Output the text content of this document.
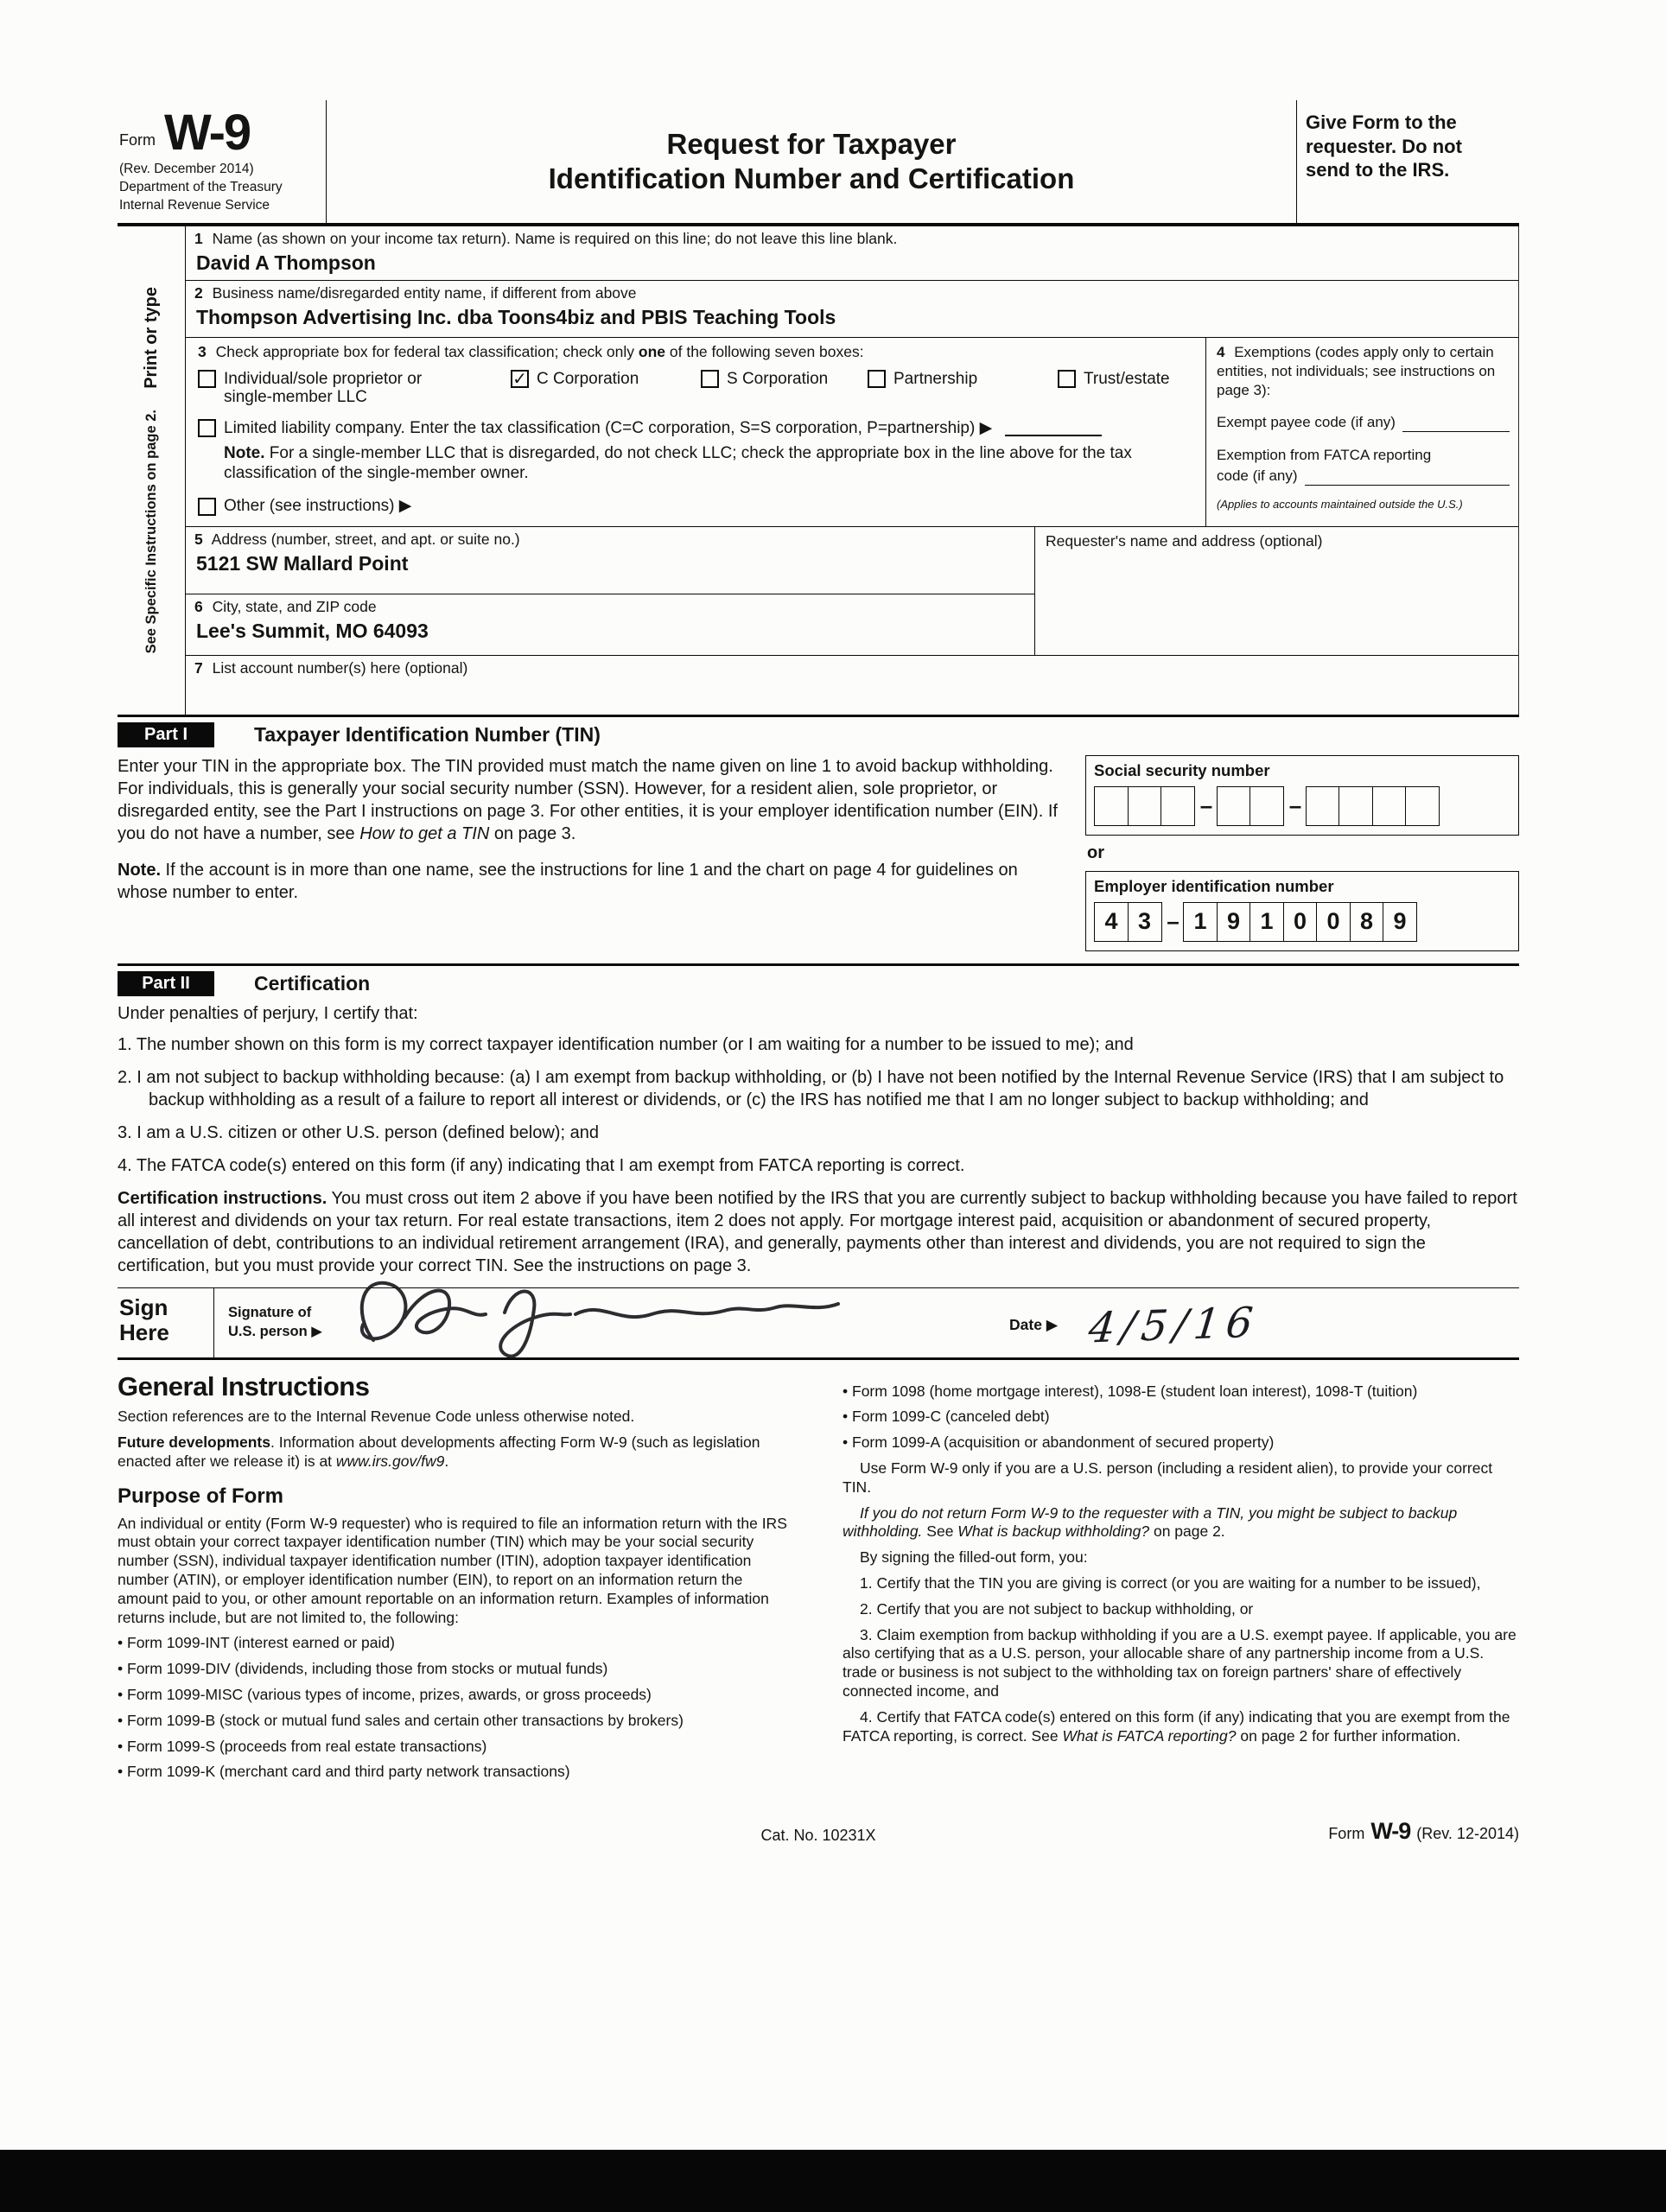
Form W-9
(Rev. December 2014)
Department of the Treasury
Internal Revenue Service
Request for Taxpayer
Identification Number and Certification
Give Form to the requester. Do not send to the IRS.
Print or type
See Specific Instructions on page 2.
1 Name (as shown on your income tax return). Name is required on this line; do not leave this line blank.
David A Thompson
2 Business name/disregarded entity name, if different from above
Thompson Advertising Inc. dba Toons4biz and PBIS Teaching Tools
3 Check appropriate box for federal tax classification; check only one of the following seven boxes:
Individual/sole proprietor or single-member LLC
✓ C Corporation	S Corporation	Partnership	Trust/estate
Limited liability company. Enter the tax classification (C=C corporation, S=S corporation, P=partnership) ▶
Note. For a single-member LLC that is disregarded, do not check LLC; check the appropriate box in the line above for the tax classification of the single-member owner.
Other (see instructions) ▶
4 Exemptions (codes apply only to certain entities, not individuals; see instructions on page 3):
Exempt payee code (if any)
Exemption from FATCA reporting
code (if any)
(Applies to accounts maintained outside the U.S.)
5 Address (number, street, and apt. or suite no.)
5121 SW Mallard Point
6 City, state, and ZIP code
Lee's Summit, MO 64093
Requester's name and address (optional)
7 List account number(s) here (optional)
Part I	Taxpayer Identification Number (TIN)
Enter your TIN in the appropriate box. The TIN provided must match the name given on line 1 to avoid backup withholding. For individuals, this is generally your social security number (SSN). However, for a resident alien, sole proprietor, or disregarded entity, see the Part I instructions on page 3. For other entities, it is your employer identification number (EIN). If you do not have a number, see How to get a TIN on page 3.
Note. If the account is in more than one name, see the instructions for line 1 and the chart on page 4 for guidelines on whose number to enter.
Social security number
–	–
or
Employer identification number
4 3 – 1 9 1 0 0 8 9
Part II	Certification
Under penalties of perjury, I certify that:
1. The number shown on this form is my correct taxpayer identification number (or I am waiting for a number to be issued to me); and
2. I am not subject to backup withholding because: (a) I am exempt from backup withholding, or (b) I have not been notified by the Internal Revenue Service (IRS) that I am subject to backup withholding as a result of a failure to report all interest or dividends, or (c) the IRS has notified me that I am no longer subject to backup withholding; and
3. I am a U.S. citizen or other U.S. person (defined below); and
4. The FATCA code(s) entered on this form (if any) indicating that I am exempt from FATCA reporting is correct.
Certification instructions. You must cross out item 2 above if you have been notified by the IRS that you are currently subject to backup withholding because you have failed to report all interest and dividends on your tax return. For real estate transactions, item 2 does not apply. For mortgage interest paid, acquisition or abandonment of secured property, cancellation of debt, contributions to an individual retirement arrangement (IRA), and generally, payments other than interest and dividends, you are not required to sign the certification, but you must provide your correct TIN. See the instructions on page 3.
Sign
Here
Signature of
U.S. person ▶	Date ▶ 4/5/16
General Instructions

Section references are to the Internal Revenue Code unless otherwise noted.

Future developments. Information about developments affecting Form W-9 (such as legislation enacted after we release it) is at www.irs.gov/fw9.

Purpose of Form

An individual or entity (Form W-9 requester) who is required to file an information return with the IRS must obtain your correct taxpayer identification number (TIN) which may be your social security number (SSN), individual taxpayer identification number (ITIN), adoption taxpayer identification number (ATIN), or employer identification number (EIN), to report on an information return the amount paid to you, or other amount reportable on an information return. Examples of information returns include, but are not limited to, the following:

• Form 1099-INT (interest earned or paid)
• Form 1099-DIV (dividends, including those from stocks or mutual funds)
• Form 1099-MISC (various types of income, prizes, awards, or gross proceeds)
• Form 1099-B (stock or mutual fund sales and certain other transactions by brokers)
• Form 1099-S (proceeds from real estate transactions)
• Form 1099-K (merchant card and third party network transactions)
• Form 1098 (home mortgage interest), 1098-E (student loan interest), 1098-T (tuition)
• Form 1099-C (canceled debt)
• Form 1099-A (acquisition or abandonment of secured property)

Use Form W-9 only if you are a U.S. person (including a resident alien), to provide your correct TIN.

If you do not return Form W-9 to the requester with a TIN, you might be subject to backup withholding. See What is backup withholding? on page 2.

By signing the filled-out form, you:

1. Certify that the TIN you are giving is correct (or you are waiting for a number to be issued),

2. Certify that you are not subject to backup withholding, or

3. Claim exemption from backup withholding if you are a U.S. exempt payee. If applicable, you are also certifying that as a U.S. person, your allocable share of any partnership income from a U.S. trade or business is not subject to the withholding tax on foreign partners' share of effectively connected income, and

4. Certify that FATCA code(s) entered on this form (if any) indicating that you are exempt from the FATCA reporting, is correct. See What is FATCA reporting? on page 2 for further information.

Cat. No. 10231X	Form W-9 (Rev. 12-2014)
